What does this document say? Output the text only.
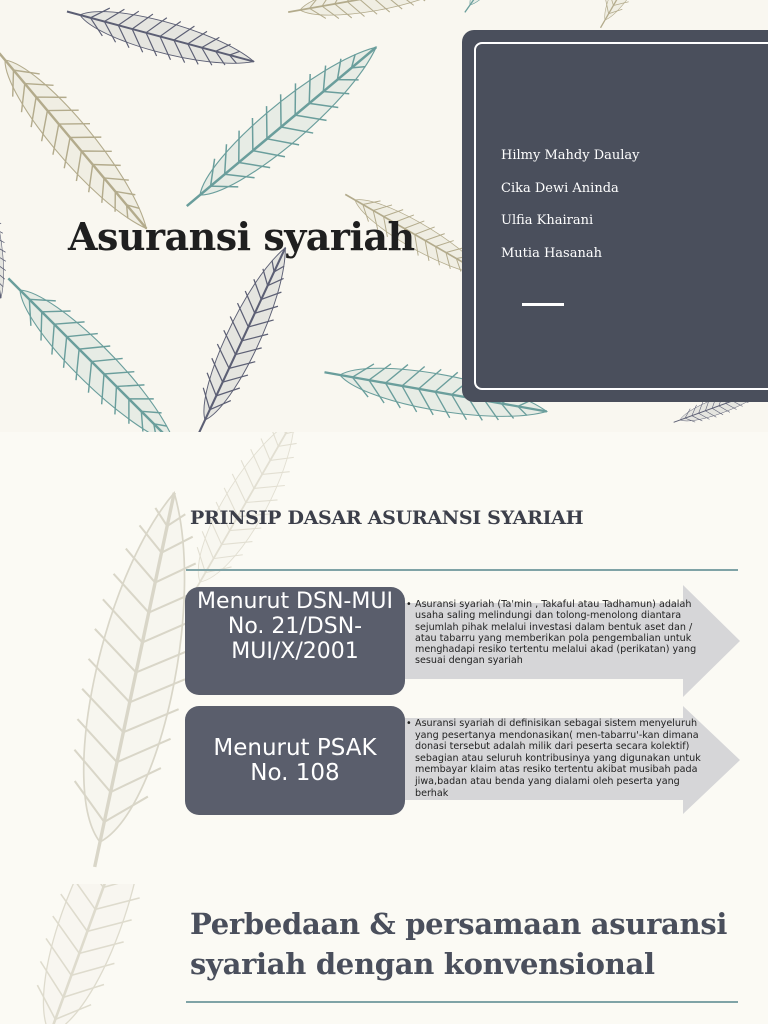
Asuransi syariah
Hilmy Mahdy Daulay
Cika Dewi Aninda
Ulfia Khairani
Mutia Hasanah
PRINSIP DASAR ASURANSI SYARIAH
Menurut DSN-MUI No. 21/DSN-MUI/X/2001
• Asuransi syariah (Ta'min , Takaful atau Tadhamun) adalah usaha saling melindungi dan tolong-menolong diantara sejumlah pihak melalui investasi dalam bentuk aset dan / atau tabarru yang memberikan pola pengembalian untuk menghadapi resiko tertentu melalui akad (perikatan) yang sesuai dengan syariah
Menurut PSAK No. 108
• Asuransi syariah di definisikan sebagai sistem menyeluruh yang pesertanya mendonasikan( men-tabarru'-kan dimana donasi tersebut adalah milik dari peserta secara kolektif) sebagian atau seluruh kontribusinya yang digunakan untuk membayar klaim atas resiko tertentu akibat musibah pada jiwa,badan atau benda yang dialami oleh peserta yang berhak
Perbedaan & persamaan asuransi syariah dengan konvensional
